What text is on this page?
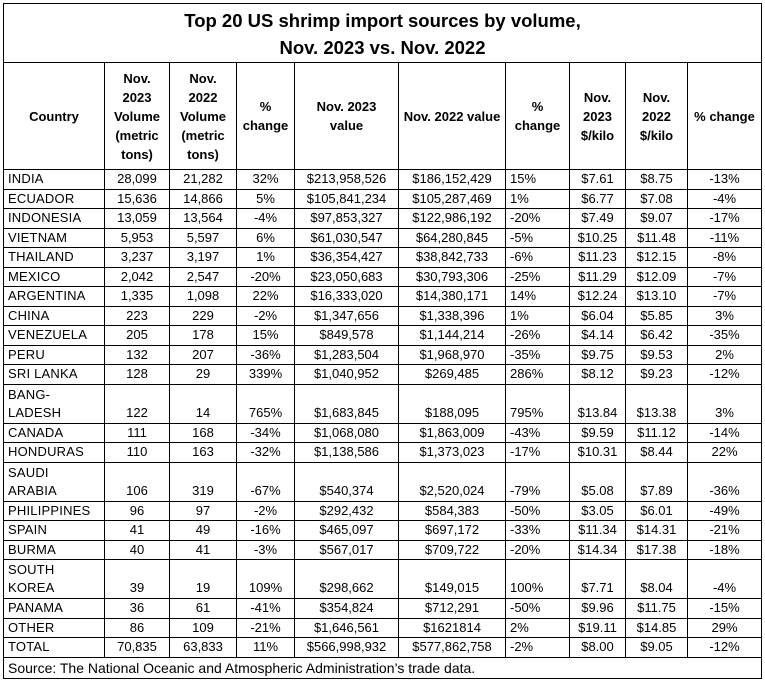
Top 20 US shrimp import sources by volume,
Nov. 2023 vs. Nov. 2022									

Country	Nov. 2023 Volume (metric tons)	Nov. 2022 Volume (metric tons)	% change	Nov. 2023 value	Nov. 2022 value	% change	Nov. 2023 $/kilo	Nov. 2022 $/kilo	% change
INDIA	28,099	21,282	32%	$213,958,526	$186,152,429	15%	$7.61	$8.75	-13%
ECUADOR	15,636	14,866	5%	$105,841,234	$105,287,469	1%	$6.77	$7.08	-4%
INDONESIA	13,059	13,564	-4%	$97,853,327	$122,986,192	-20%	$7.49	$9.07	-17%
VIETNAM	5,953	5,597	6%	$61,030,547	$64,280,845	-5%	$10.25	$11.48	-11%
THAILAND	3,237	3,197	1%	$36,354,427	$38,842,733	-6%	$11.23	$12.15	-8%
MEXICO	2,042	2,547	-20%	$23,050,683	$30,793,306	-25%	$11.29	$12.09	-7%
ARGENTINA	1,335	1,098	22%	$16,333,020	$14,380,171	14%	$12.24	$13.10	-7%
CHINA	223	229	-2%	$1,347,656	$1,338,396	1%	$6.04	$5.85	3%
VENEZUELA	205	178	15%	$849,578	$1,144,214	-26%	$4.14	$6.42	-35%
PERU	132	207	-36%	$1,283,504	$1,968,970	-35%	$9.75	$9.53	2%
SRI LANKA	128	29	339%	$1,040,952	$269,485	286%	$8.12	$9.23	-12%
BANG-LADESH	122	14	765%	$1,683,845	$188,095	795%	$13.84	$13.38	3%
CANADA	111	168	-34%	$1,068,080	$1,863,009	-43%	$9.59	$11.12	-14%
HONDURAS	110	163	-32%	$1,138,586	$1,373,023	-17%	$10.31	$8.44	22%
SAUDI ARABIA	106	319	-67%	$540,374	$2,520,024	-79%	$5.08	$7.89	-36%
PHILIPPINES	96	97	-2%	$292,432	$584,383	-50%	$3.05	$6.01	-49%
SPAIN	41	49	-16%	$465,097	$697,172	-33%	$11.34	$14.31	-21%
BURMA	40	41	-3%	$567,017	$709,722	-20%	$14.34	$17.38	-18%
SOUTH KOREA	39	19	109%	$298,662	$149,015	100%	$7.71	$8.04	-4%
PANAMA	36	61	-41%	$354,824	$712,291	-50%	$9.96	$11.75	-15%
OTHER	86	109	-21%	$1,646,561	$1621814	2%	$19.11	$14.85	29%
TOTAL	70,835	63,833	11%	$566,998,932	$577,862,758	-2%	$8.00	$9.05	-12%
Source: The National Oceanic and Atmospheric Administration’s trade data.									
